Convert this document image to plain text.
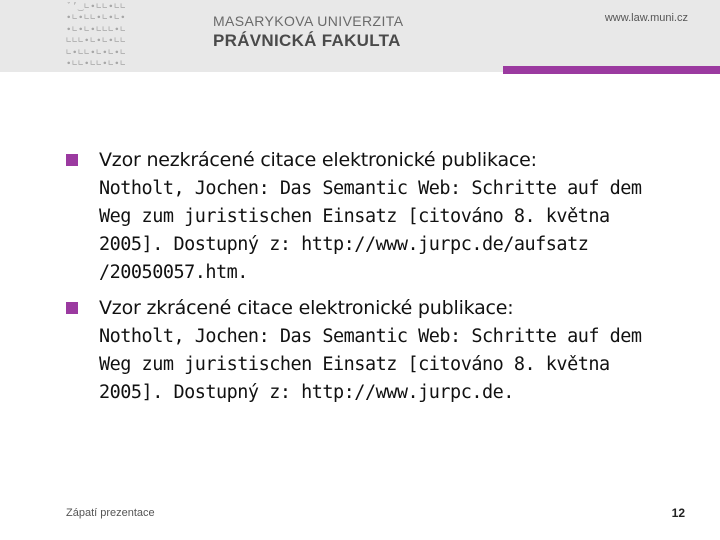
ˇ’‿∟∙∟∟∙∟∟
∙∟∙∟∟∙∟∙∟∙
∙∟∙∟∙∟∟∟∙∟
∟∟∟∙∟∙∟∙∟∟
∟∙∟∟∙∟∙∟∙∟
∙∟∟∙∟∟∙∟∙∟
MASARYKOVA UNIVERZITA
PRÁVNICKÁ FAKULTA
www.law.muni.cz
Vzor nezkrácené citace elektronické publikace:
Notholt, Jochen: Das Semantic Web: Schritte auf dem
Weg zum juristischen Einsatz [citováno 8. května
2005]. Dostupný z: http://www.jurpc.de/aufsatz
/20050057.htm.
Vzor zkrácené citace elektronické publikace:
Notholt, Jochen: Das Semantic Web: Schritte auf dem
Weg zum juristischen Einsatz [citováno 8. května
2005]. Dostupný z: http://www.jurpc.de.
Zápatí prezentace	12
